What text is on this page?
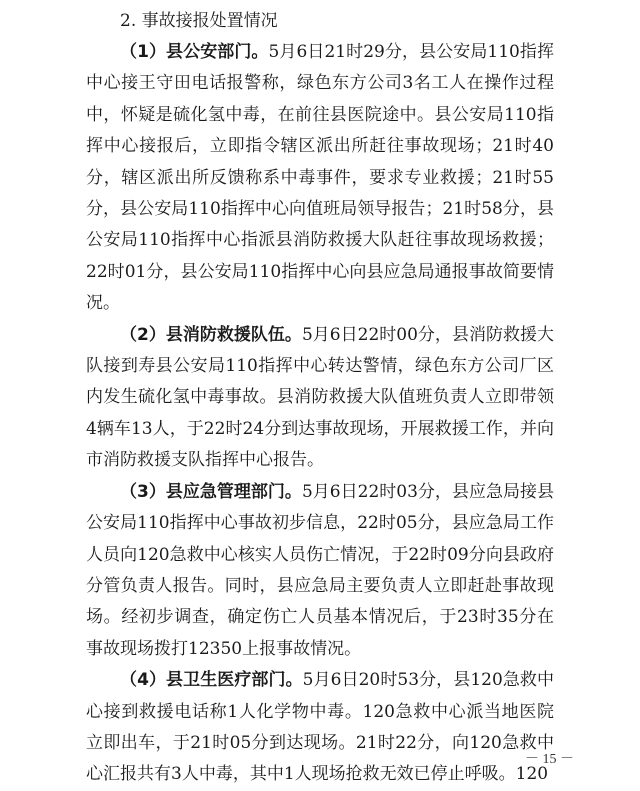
2. 事故接报处置情况

（1）县公安部门。5月6日21时29分，县公安局110指挥中心接王守田电话报警称，绿色东方公司3名工人在操作过程中，怀疑是硫化氢中毒，在前往县医院途中。县公安局110指挥中心接报后，立即指令辖区派出所赶往事故现场；21时40分，辖区派出所反馈称系中毒事件，要求专业救援；21时55分，县公安局110指挥中心向值班局领导报告；21时58分，县公安局110指挥中心指派县消防救援大队赶往事故现场救援；22时01分，县公安局110指挥中心向县应急局通报事故简要情况。

（2）县消防救援队伍。5月6日22时00分，县消防救援大队接到寿县公安局110指挥中心转达警情，绿色东方公司厂区内发生硫化氢中毒事故。县消防救援大队值班负责人立即带领4辆车13人，于22时24分到达事故现场，开展救援工作，并向市消防救援支队指挥中心报告。

（3）县应急管理部门。5月6日22时03分，县应急局接县公安局110指挥中心事故初步信息，22时05分，县应急局工作人员向120急救中心核实人员伤亡情况，于22时09分向县政府分管负责人报告。同时，县应急局主要负责人立即赶赴事故现场。经初步调查，确定伤亡人员基本情况后，于23时35分在事故现场拨打12350上报事故情况。

（4）县卫生医疗部门。5月6日20时53分，县120急救中心接到救援电话称1人化学物中毒。120急救中心派当地医院立即出车，于21时05分到达现场。21时22分，向120急救中心汇报共有3人中毒，其中1人现场抢救无效已停止呼吸。120

－ 15 －
